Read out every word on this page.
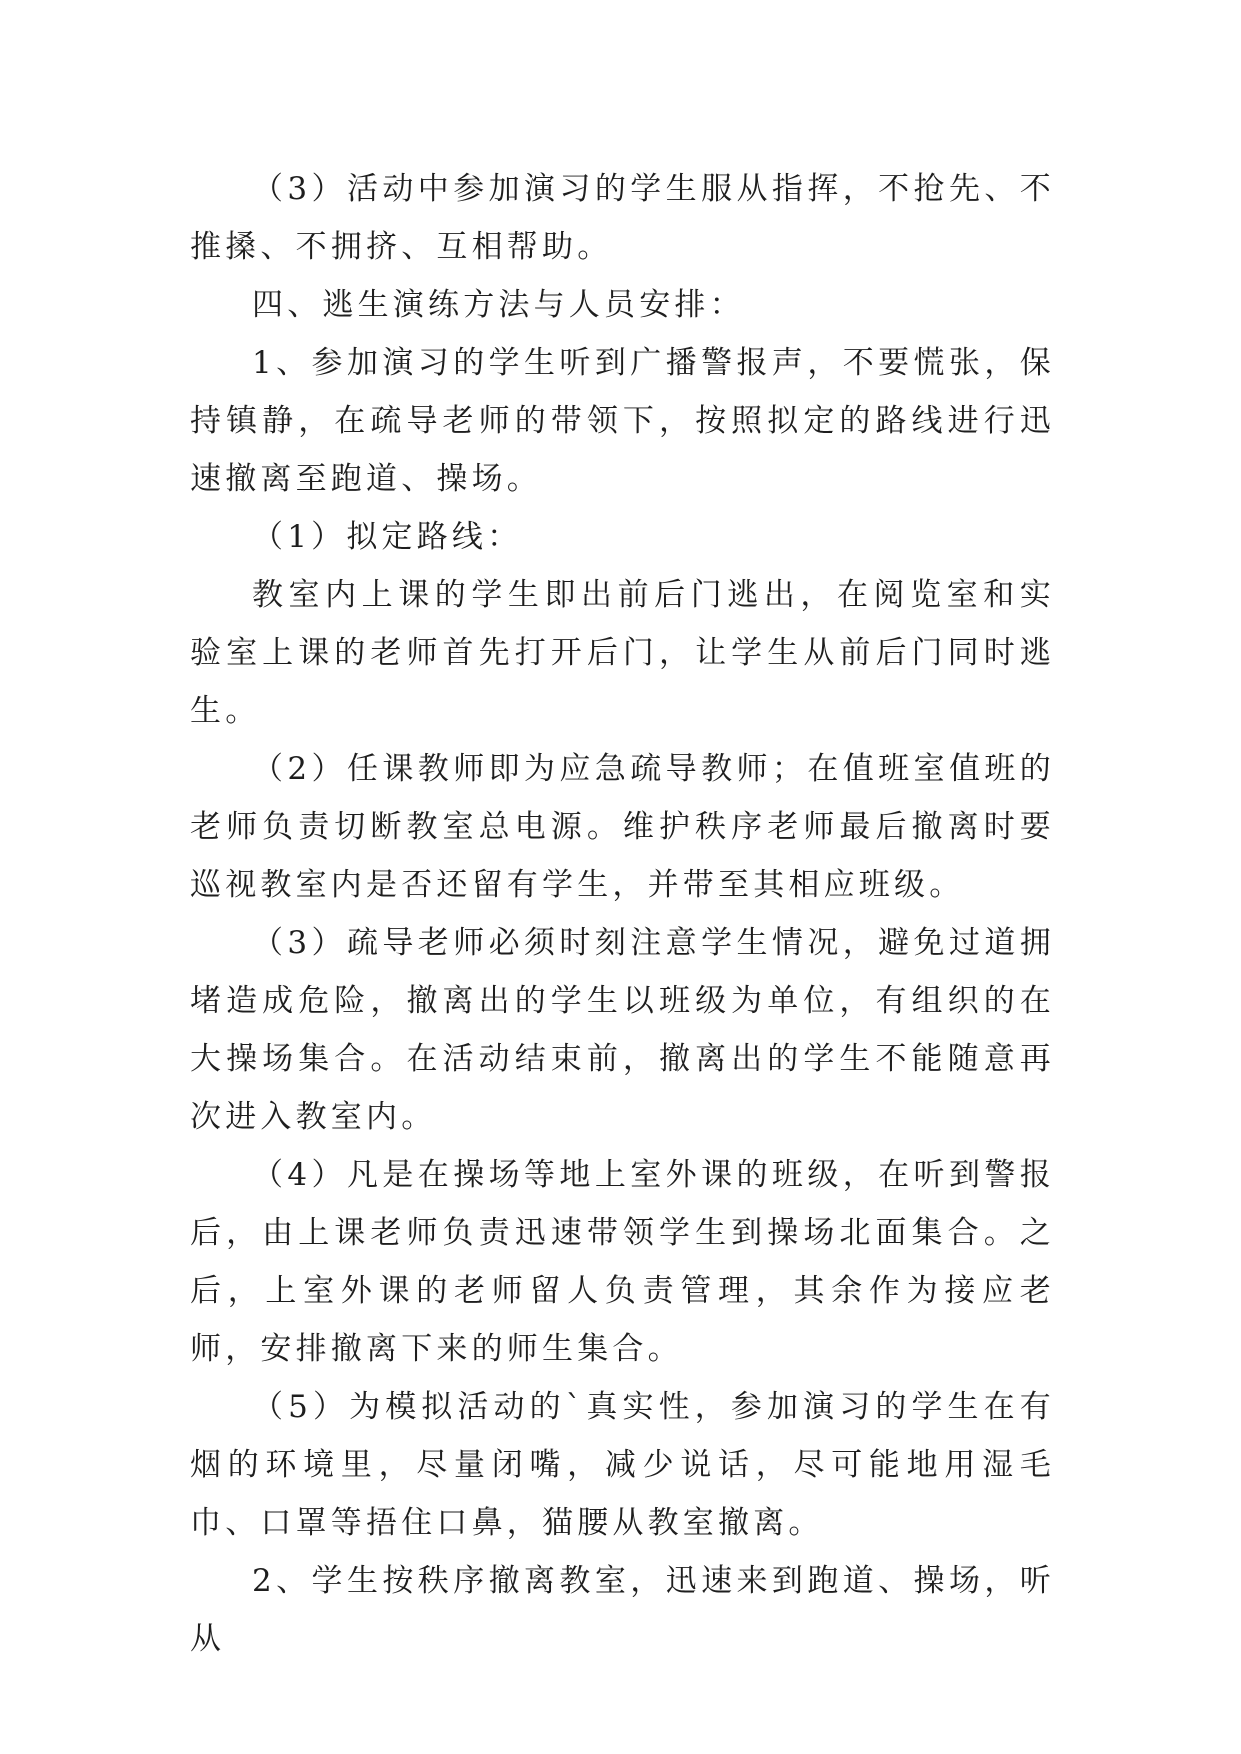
（3）活动中参加演习的学生服从指挥，不抢先、不推搡、不拥挤、互相帮助。

四、逃生演练方法与人员安排：

1、参加演习的学生听到广播警报声，不要慌张，保持镇静，在疏导老师的带领下，按照拟定的路线进行迅速撤离至跑道、操场。

（1）拟定路线：

教室内上课的学生即出前后门逃出，在阅览室和实验室上课的老师首先打开后门，让学生从前后门同时逃生。

（2）任课教师即为应急疏导教师；在值班室值班的老师负责切断教室总电源。维护秩序老师最后撤离时要巡视教室内是否还留有学生，并带至其相应班级。

（3）疏导老师必须时刻注意学生情况，避免过道拥堵造成危险，撤离出的学生以班级为单位，有组织的在大操场集合。在活动结束前，撤离出的学生不能随意再次进入教室内。

（4）凡是在操场等地上室外课的班级，在听到警报后，由上课老师负责迅速带领学生到操场北面集合。之后，上室外课的老师留人负责管理，其余作为接应老师，安排撤离下来的师生集合。

（5）为模拟活动的`真实性，参加演习的学生在有烟的环境里，尽量闭嘴，减少说话，尽可能地用湿毛巾、口罩等捂住口鼻，猫腰从教室撤离。

2、学生按秩序撤离教室，迅速来到跑道、操场，听从
